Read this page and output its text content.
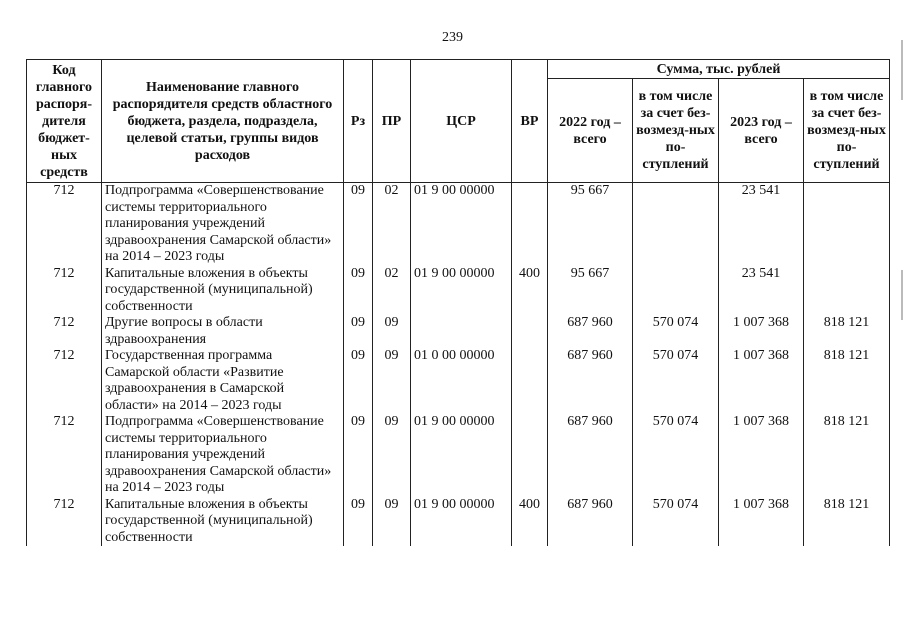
239
Код главного распоря-дителя бюджет-ных средств	Наименование главного распорядителя средств областного бюджета, раздела, подраздела, целевой статьи, группы видов расходов	Рз	ПР	ЦСР	ВР	Сумма, тыс. рублей			
						2022 год – всего	в том числе за счет без-возмезд-ных по-ступлений	2023 год – всего	в том числе за счет без-возмезд-ных по-ступлений
712	Подпрограмма «Совершенствование системы территориального планирования учреждений здравоохранения Самарской области» на 2014 – 2023 годы	09	02	01 9 00 00000		95 667		23 541	
712	Капитальные вложения в объекты государственной (муниципальной) собственности	09	02	01 9 00 00000	400	95 667		23 541	
712	Другие вопросы в области здравоохранения	09	09			687 960	570 074	1 007 368	818 121
712	Государственная программа Самарской области «Развитие здравоохранения в Самарской области» на 2014 – 2023 годы	09	09	01 0 00 00000		687 960	570 074	1 007 368	818 121
712	Подпрограмма «Совершенствование системы территориального планирования учреждений здравоохранения Самарской области» на 2014 – 2023 годы	09	09	01 9 00 00000		687 960	570 074	1 007 368	818 121
712	Капитальные вложения в объекты государственной (муниципальной) собственности	09	09	01 9 00 00000	400	687 960	570 074	1 007 368	818 121
